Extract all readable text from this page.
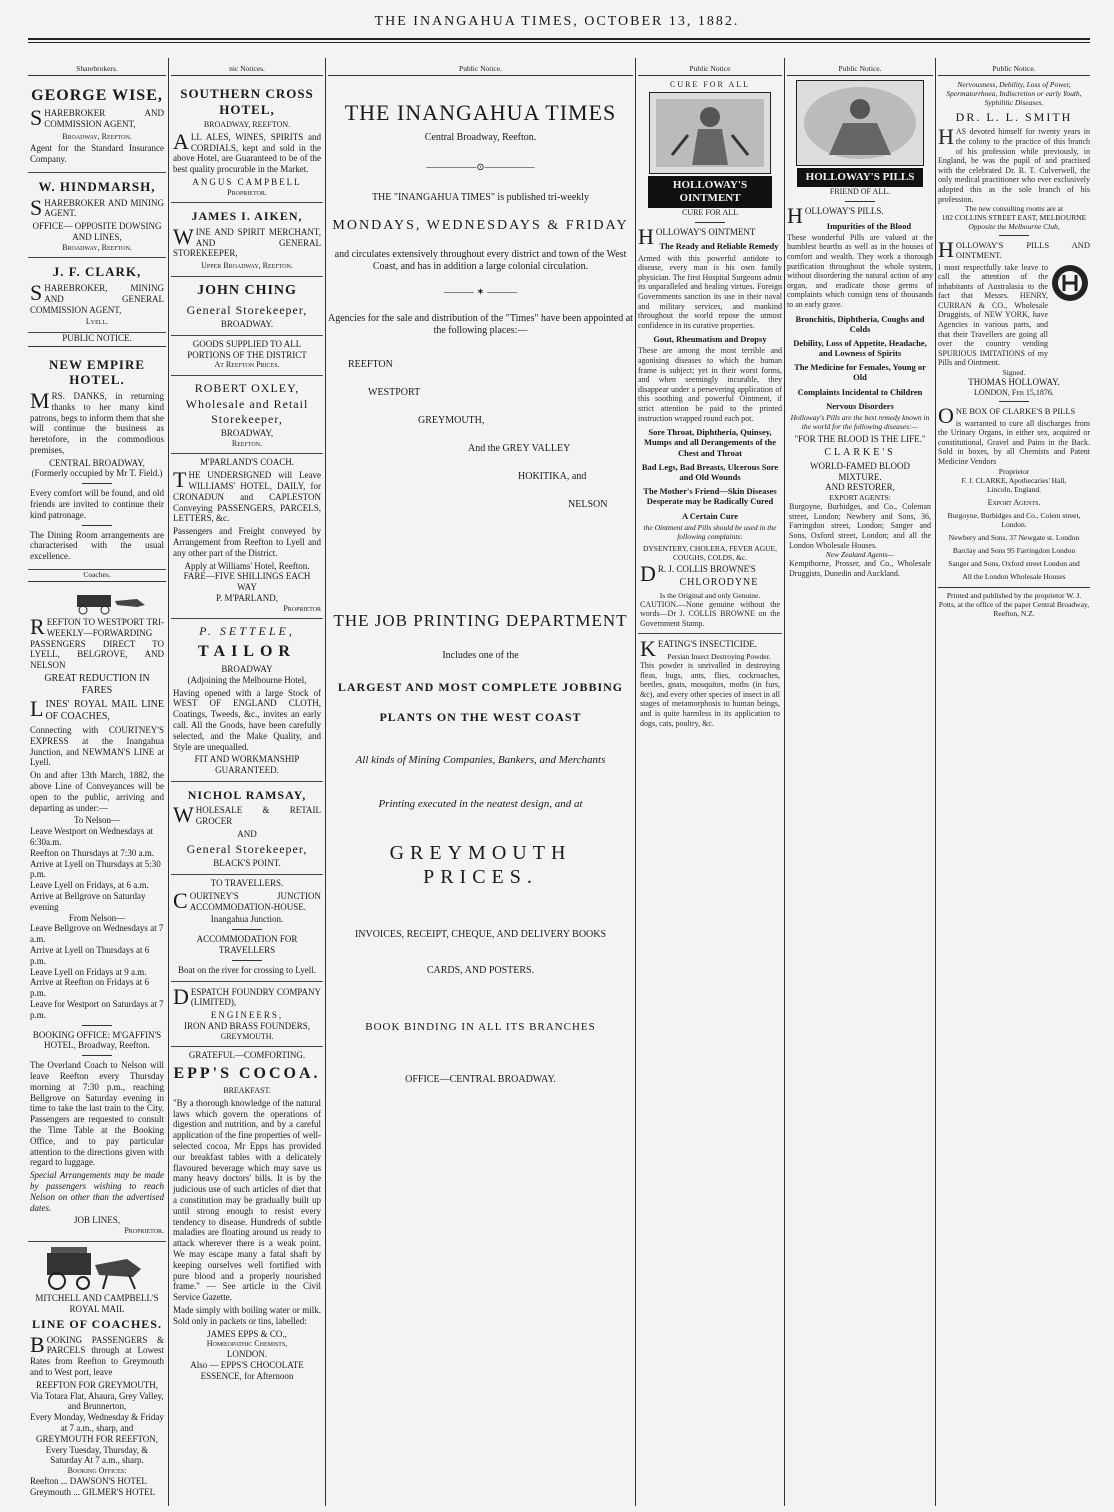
THE INANGAHUA TIMES, OCTOBER 13, 1882.
Sharebrokers.
GEORGE WISE,
SHAREBROKER AND COMMISSION AGENT,
Broadway, Reefton.
Agent for the Standard Insurance Company.
W. HINDMARSH,
SHAREBROKER AND MINING AGENT.
OFFICE— OPPOSITE DOWSING AND LINES,
Broadway, Reefton.
J. F. CLARK,
SHAREBROKER, MINING AND GENERAL COMMISSION AGENT,
Lyell.
PUBLIC NOTICE.
NEW EMPIRE HOTEL.
MRS. DANKS, in returning thanks to her many kind patrons, begs to inform them that she will continue the business as heretofore, in the commodious premises,
CENTRAL BROADWAY,
(Formerly occupied by Mr T. Field.)
Every comfort will be found, and old friends are invited to continue their kind patronage.
The Dining Room arrangements are characterised with the usual excellence.
Coaches.
REEFTON TO WESTPORT TRI-WEEKLY—FORWARDING PASSENGERS DIRECT TO LYELL, BELGROVE, AND NELSON
GREAT REDUCTION IN FARES
LINES' ROYAL MAIL LINE OF COACHES,
Connecting with COURTNEY'S EXPRESS at the Inangahua Junction, and NEWMAN'S LINE at Lyell.
On and after 13th March, 1882, the above Line of Conveyances will be open to the public, arriving and departing as under:—
To Nelson—
Leave Westport on Wednesdays at 6:30a.m.
Reefton on Thursdays at 7:30 a.m.
Arrive at Lyell on Thursdays at 5:30 p.m.
Leave Lyell on Fridays, at 6 a.m.
Arrive at Bellgrove on Saturday evening
From Nelson—
Leave Bellgrove on Wednesdays at 7 a.m.
Arrive at Lyell on Thursdays at 6 p.m.
Leave Lyell on Fridays at 9 a.m.
Arrive at Reefton on Fridays at 6 p.m.
Leave for Westport on Saturdays at 7 p.m.
BOOKING OFFICE: M'GAFFIN'S HOTEL, Broadway, Reefton.
The Overland Coach to Nelson will leave Reefton every Thursday morning at 7:30 p.m., reaching Bellgrove on Saturday evening in time to take the last train to the City. Passengers are requested to consult the Time Table at the Booking Office, and to pay particular attention to the directions given with regard to luggage.
Special Arrangements may be made by passengers wishing to reach Nelson on other than the advertised dates.
JOB LINES,
Proprietor.
MITCHELL AND CAMPBELL'S ROYAL MAIL
LINE OF COACHES.
BOOKING PASSENGERS & PARCELS through at Lowest Rates from Reefton to Greymouth and to West port, leave
REEFTON FOR GREYMOUTH,
Via Totara Flat, Ahaura, Grey Valley, and Brunnerton,
Every Monday, Wednesday & Friday at 7 a.m., sharp, and
GREYMOUTH FOR REEFTON,
Every Tuesday, Thursday, & Saturday At 7 a.m., sharp.
Booking Offices:
Reefton ... DAWSON'S HOTEL
Greymouth ... GILMER'S HOTEL
nic Notices.
SOUTHERN CROSS HOTEL,
BROADWAY, REEFTON.
ALL ALES, WINES, SPIRITS and CORDIALS, kept and sold in the above Hotel, are Guaranteed to be of the best quality procurable in the Market.
ANGUS CAMPBELL
Proprietor.
JAMES I. AIKEN,
WINE AND SPIRIT MERCHANT, AND GENERAL STOREKEEPER,
Upper Broadway, Reefton.
JOHN CHING
General Storekeeper,
BROADWAY.
GOODS SUPPLIED TO ALL PORTIONS OF THE DISTRICT
At Reefton Prices.
ROBERT OXLEY,
Wholesale and Retail Storekeeper,
BROADWAY,
Reefton.
M'PARLAND'S COACH.
THE UNDERSIGNED will Leave WILLIAMS' HOTEL, DAILY, for CRONADUN and CAPLESTON Conveying PASSENGERS, PARCELS, LETTERS, &c.
Passengers and Freight conveyed by Arrangement from Reefton to Lyell and any other part of the District.
Apply at Williams' Hotel, Reefton.
FARE—FIVE SHILLINGS EACH WAY
P. M'PARLAND,
Proprietor
P. SETTELE,
TAILOR
BROADWAY
(Adjoining the Melbourne Hotel,
Having opened with a large Stock of WEST OF ENGLAND CLOTH, Coatings, Tweeds, &c., invites an early call. All the Goods, have been carefully selected, and the Make Quality, and Style are unequalled.
FIT AND WORKMANSHIP GUARANTEED.
NICHOL RAMSAY,
WHOLESALE & RETAIL GROCER
AND
General Storekeeper,
BLACK'S POINT.
TO TRAVELLERS.
COURTNEY'S JUNCTION ACCOMMODATION-HOUSE.
Inangahua Junction.
ACCOMMODATION FOR TRAVELLERS
Boat on the river for crossing to Lyell.
DESPATCH FOUNDRY COMPANY (LIMITED),
ENGINEERS,
IRON AND BRASS FOUNDERS,
GREYMOUTH.
GRATEFUL—COMFORTING.
EPP'S COCOA.
BREAKFAST.
"By a thorough knowledge of the natural laws which govern the operations of digestion and nutrition, and by a careful application of the fine properties of well-selected cocoa, Mr Epps has provided our breakfast tables with a delicately flavoured beverage which may save us many heavy doctors' bills. It is by the judicious use of such articles of diet that a constitution may be gradually built up until strong enough to resist every tendency to disease. Hundreds of subtle maladies are floating around us ready to attack wherever there is a weak point. We may escape many a fatal shaft by keeping ourselves well fortified with pure blood and a properly nourished frame." — See article in the Civil Service Gazette.
Made simply with boiling water or milk. Sold only in packets or tins, labelled:
JAMES EPPS & CO.,
Homœopathic Chemists,
LONDON.
Also — EPPS'S CHOCOLATE ESSENCE, for Afternoon
Public Notice.
THE INANGAHUA TIMES
Central Broadway, Reefton.
—————⊙—————
THE "INANGAHUA TIMES" is published tri-weekly
MONDAYS, WEDNESDAYS & FRIDAY
and circulates extensively throughout every district and town of the West Coast, and has in addition a large colonial circulation.
——— ✶ ———
Agencies for the sale and distribution of the "Times" have been appointed at the following places:—
REEFTON
WESTPORT
GREYMOUTH,
And the GREY VALLEY
HOKITIKA, and
NELSON
THE JOB PRINTING DEPARTMENT
Includes one of the
LARGEST AND MOST COMPLETE JOBBING
PLANTS ON THE WEST COAST
All kinds of Mining Companies, Bankers, and Merchants
Printing executed in the neatest design, and at
GREYMOUTH PRICES.
INVOICES, RECEIPT, CHEQUE, AND DELIVERY BOOKS
CARDS, AND POSTERS.
BOOK BINDING IN ALL ITS BRANCHES
OFFICE—CENTRAL BROADWAY.
Public Notice
CURE FOR ALL
HOLLOWAY'S OINTMENT
CURE FOR ALL
HOLLOWAY'S OINTMENT
The Ready and Reliable Remedy
Armed with this powerful antidote to disease, every man is his own family physician. The first Hospital Surgeons admit its unparalleled and healing virtues. Foreign Governments sanction its use in their naval and military services, and mankind throughout the world repose the utmost confidence in its curative properties.
Gout, Rheumatism and Dropsy
These are among the most terrible and agonising diseases to which the human frame is subject; yet in their worst forms, and when seemingly incurable, they disappear under a persevering application of this soothing and powerful Ointment, if strict attention be paid to the printed instruction wrapped round each pot.
Sore Throat, Diphtheria, Quinsey, Mumps and all Derangements of the Chest and Throat
Bad Legs, Bad Breasts, Ulcerous Sore and Old Wounds
The Mother's Friend—Skin Diseases Desperate may be Radically Cured
A Certain Cure
the Ointment and Pills should be used in the following complaints:
DYSENTERY, CHOLERA, FEVER AGUE, COUGHS, COLDS, &c.
DR. J. COLLIS BROWNE'S
CHLORODYNE
Is the Original and only Genuine.
CAUTION.—None genuine without the words—Dr J. COLLIS BROWNE on the Government Stamp.
KEATING'S INSECTICIDE.
Persian Insect Destroying Powder.
This powder is unrivalled in destroying fleas, bugs, ants, flies, cockroaches, beetles, gnats, mosquitos, moths (in furs, &c), and every other species of insect in all stages of metamorphosis to human beings, and is quite harmless in its application to dogs, cats, poultry, &c.
Public Notice.
HOLLOWAY'S PILLS
FRIEND OF ALL.
HOLLOWAY'S PILLS.
Impurities of the Blood
These wonderful Pills are valued at the humblest hearths as well as in the houses of comfort and wealth. They work a thorough purification throughout the whole system, without disordering the natural action of any organ, and eradicate those germs of complaints which consign tens of thousands to an early grave.
Bronchitis, Diphtheria, Coughs and Colds
Debility, Loss of Appetite, Headache, and Lowness of Spirits
The Medicine for Females, Young or Old
Complaints Incidental to Children
Nervous Disorders
Holloway's Pills are the best remedy known in the world for the following diseases:—
"FOR THE BLOOD IS THE LIFE."
CLARKE'S
WORLD-FAMED BLOOD MIXTURE.
AND RESTORER,
EXPORT AGENTS:
Burgoyne, Burbidges, and Co., Coleman street, London; Newbery and Sons, 36, Farringdon street, London; Sanger and Sons, Oxford street, London; and all the London Wholesale Houses.
New Zealand Agents—
Kempthorne, Prosser, and Co., Wholesale Druggists, Dunedin and Auckland.
Public Notice.
Nervousness, Debility, Loss of Power, Spermatorrhoea, Indiscretion or early Youth, Syphilitic Diseases.
DR. L. L. SMITH
HAS devoted himself for twenty years in the colony to the practice of this branch of his profession while previously, in England, he was the pupil of and practised with the celebrated Dr. R. T. Culverwell, the only medical practitioner who ever exclusively adopted this as the sole branch of his profession.
The new consulting rooms are at
182 COLLINS STREET EAST, MELBOURNE
Opposite the Melbourne Club,
HOLLOWAY'S PILLS AND OINTMENT.
I most respectfully take leave to call the attention of the inhabitants of Australasia to the fact that Messrs. HENRY, CURRAN & CO., Wholesale Druggists, of NEW YORK, have Agencies in various parts, and that their Travellers are going all over the country vending SPURIOUS IMITATIONS of my Pills and Ointment.
Signed.
THOMAS HOLLOWAY.
LONDON, Feb 15,1876.
ONE BOX OF CLARKE'S B PILLS
is warranted to cure all discharges from the Urinary Organs, in either sex, acquired or constitutional, Gravel and Pains in the Back. Sold in boxes, by all Chemists and Patent Medicine Vendors
Proprietor
F. J. CLARKE, Apothecaries' Hall,
Lincoln, England.
Export Agents.
Burgoyne, Burbidges and Co., Colem street, London.
Newbery and Sons, 37 Newgate st. London
Barclay and Sons 95 Farringdon London
Sanger and Sons, Oxford street London and
All the London Wholesale Houses
Printed and published by the proprietor W. J. Potts, at the office of the paper Central Broadway, Reefton, N.Z.
